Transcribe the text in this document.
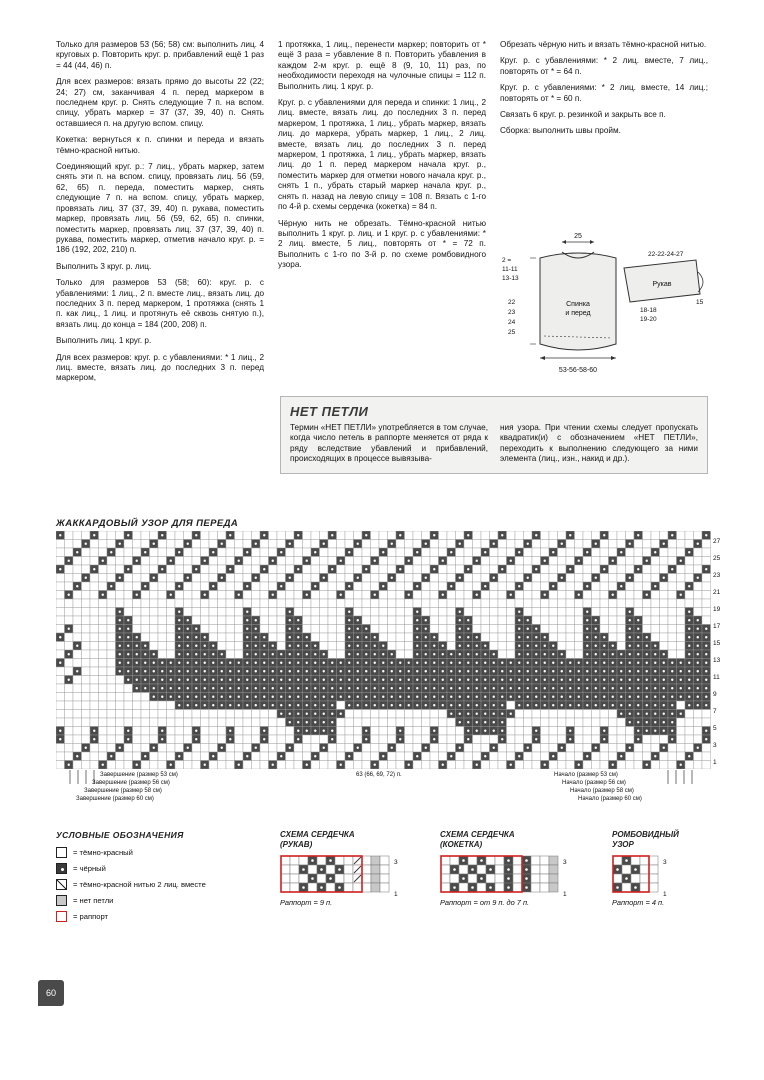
Только для размеров 53 (56; 58) см: выполнить лиц. 4 круговых р. Повторить круг. р. прибавлений ещё 1 раз = 44 (44, 46) п.

Для всех размеров: вязать прямо до высоты 22 (22; 24; 27) см, заканчивая 4 п. перед маркером в последнем круг. р. Снять следующие 7 п. на вспом. спицу, убрать маркер = 37 (37, 39, 40) п. Снять оставшиеся п. на другую вспом. спицу.

Кокетка: вернуться к п. спинки и переда и вязать тёмно-красной нитью.

Соединяющий круг. р.: 7 лиц., убрать маркер, затем снять эти п. на вспом. спицу, провязать лиц. 56 (59, 62, 65) п. переда, поместить маркер, снять следующие 7 п. на вспом. спицу, убрать маркер, провязать лиц. 37 (37, 39, 40) п. рукава, поместить маркер, провязать лиц. 56 (59, 62, 65) п. спинки, поместить маркер, провязать лиц. 37 (37, 39, 40) п. рукава, поместить маркер, отметив начало круг. р. = 186 (192, 202, 210) п.

Выполнить 3 круг. р. лиц.

Только для размеров 53 (58; 60): круг. р. с убавлениями: 1 лиц., 2 п. вместе лиц., вязать лиц. до последних 3 п. перед маркером, 1 протяжка (снять 1 п. как лиц., 1 лиц. и протянуть её сквозь снятую п.), вязать лиц. до конца = 184 (200, 208) п.

Выполнить лиц. 1 круг. р.

Для всех размеров: круг. р. с убавлениями: * 1 лиц., 2 лиц. вместе, вязать лиц. до последних 3 п. перед маркером,

1 протяжка, 1 лиц., перенести маркер; повторить от * ещё 3 раза = убавление 8 п. Повторить убавления в каждом 2-м круг. р. ещё 8 (9, 10, 11) раз, по необходимости переходя на чулочные спицы = 112 п. Выполнить лиц. 1 круг. р.

Круг. р. с убавлениями для переда и спинки: 1 лиц., 2 лиц. вместе, вязать лиц. до последних 3 п. перед маркером, 1 протяжка, 1 лиц., убрать маркер, вязать лиц. до маркера, убрать маркер, 1 лиц., 2 лиц. вместе, вязать лиц. до последних 3 п. перед маркером, 1 протяжка, 1 лиц., убрать маркер, вязать лиц. до 1 п. перед маркером начала круг. р., поместить маркер для отметки нового начала круг. р., снять 1 п., убрать старый маркер начала круг. р., снять п. назад на левую спицу = 108 п. Вязать с 1-го по 4-й р. схемы сердечка (кокетка) = 84 п.

Чёрную нить не обрезать. Тёмно-красной нитью выполнить 1 круг. р. лиц. и 1 круг. р. с убавлениями: * 2 лиц. вместе, 5 лиц., повторять от * = 72 п. Выполнить с 1-го по 3-й р. по схеме ромбовидного узора.

Обрезать чёрную нить и вязать тёмно-красной нитью.

Круг. р. с убавлениями: * 2 лиц. вместе, 7 лиц., повторять от * = 64 п.

Круг. р. с убавлениями: * 2 лиц. вместе, 14 лиц.; повторять от * = 60 п.

Связать 6 круг. р. резинкой и закрыть все п.

Сборка: выполнить швы пройм.

Спинка
и перед
Рукав
25
53-56-58-60
2 =
11-11
13-13
22
23
24
25
22-22-24-27
15
18-18
19-20
НЕТ ПЕТЛИ
Термин «НЕТ ПЕТЛИ» употребляется в том случае, когда число петель в раппорте меняется от ряда к ряду вследствие убавлений и прибавлений, происходящих в процессе вывязыва-
ния узора. При чтении схемы следует пропускать квадратик(и) с обозначением «НЕТ ПЕТЛИ», переходить к выполнению следующего за ними элемента (лиц., изн., накид и др.).
ЖАККАРДОВЫЙ УЗОР ДЛЯ ПЕРЕДА
1
3
5
7
9
11
13
15
17
19
21
23
25
27
Завершение (размер 53 см)
Завершение (размер 56 см)
Завершение (размер 58 см)
Завершение (размер 60 см)
63 (66, 69, 72) п.	Начало (размер 53 см)
Начало (размер 56 см)
Начало (размер 58 см)
Начало (размер 60 см)
УСЛОВНЫЕ ОБОЗНАЧЕНИЯ
= тёмно-красный
= чёрный
= тёмно-красной нитью 2 лиц. вместе
= нет петли
= раппорт
СХЕМА СЕРДЕЧКА
(РУКАВ)
3
1
Раппорт = 9 п.
СХЕМА СЕРДЕЧКА
(КОКЕТКА)
3
1
Раппорт = от 9 п. до 7 п.
РОМБОВИДНЫЙ
УЗОР
3
1
Раппорт = 4 п.
60
